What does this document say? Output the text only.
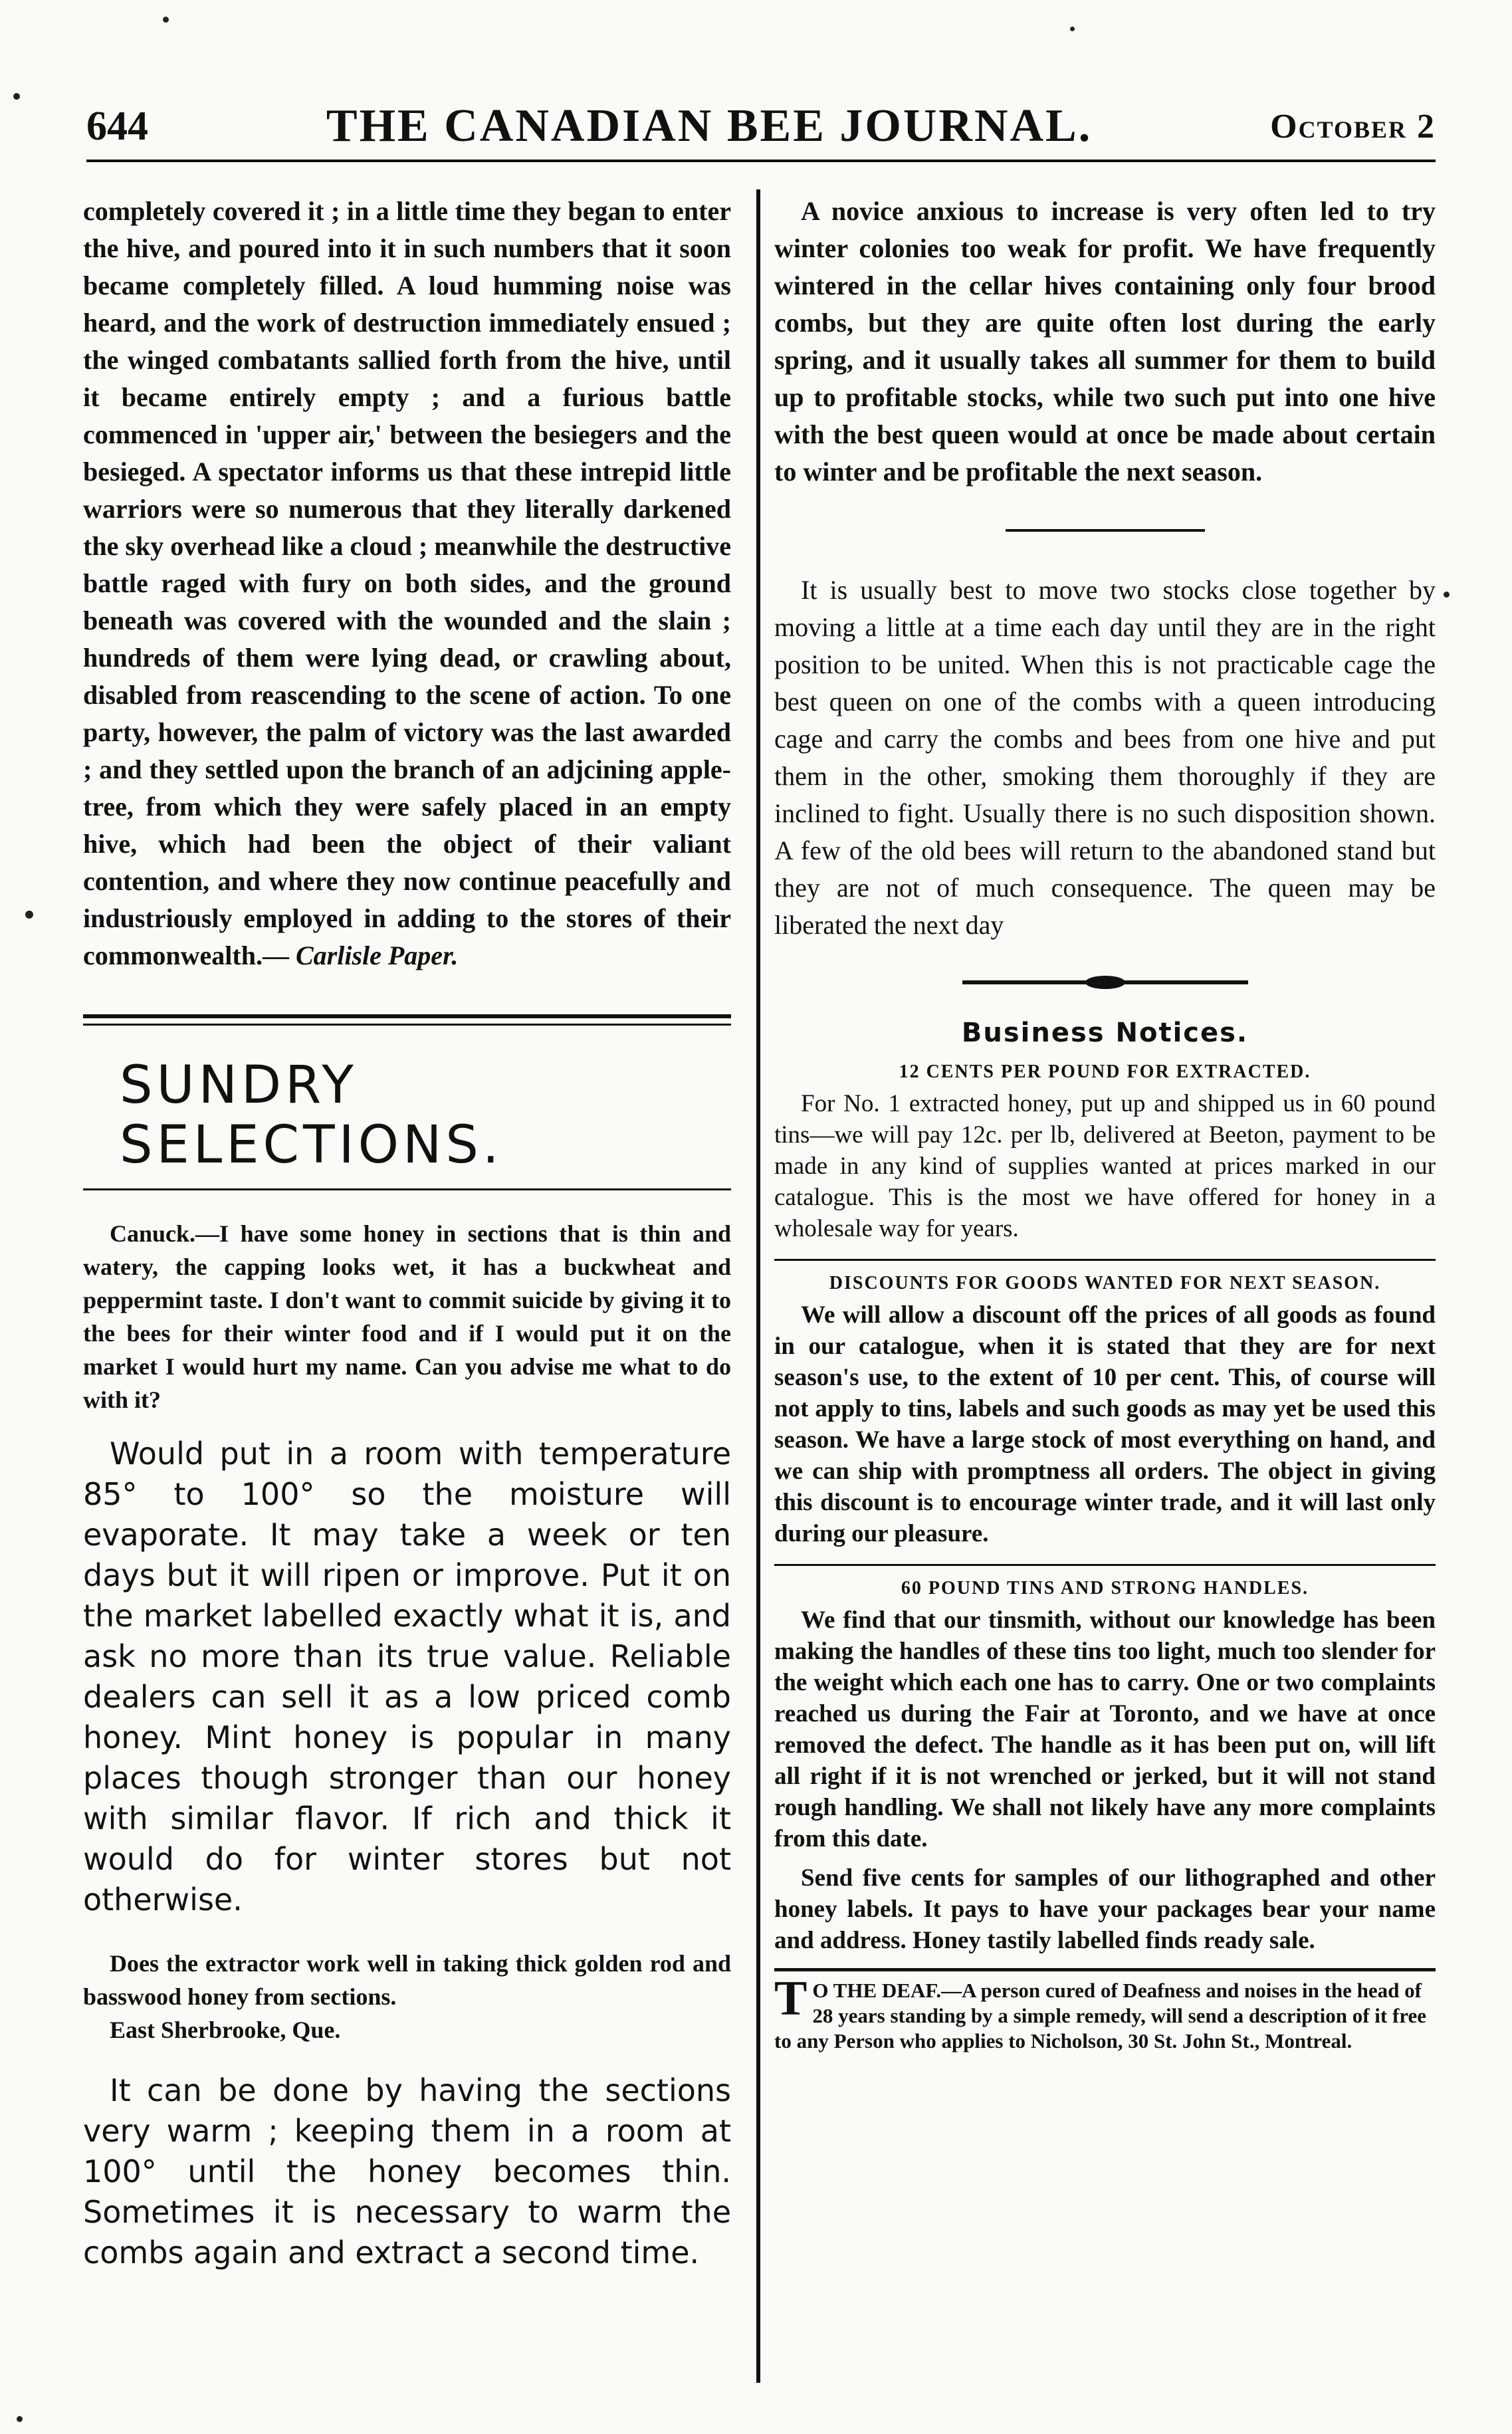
644	THE CANADIAN BEE JOURNAL.	October 2

completely covered it ; in a little time they began to enter the hive, and poured into it in such numbers that it soon became completely filled. A loud humming noise was heard, and the work of destruction immediately ensued ; the winged combatants sallied forth from the hive, until it became entirely empty ; and a furious battle commenced in 'upper air,' between the besiegers and the besieged. A spectator informs us that these intrepid little warriors were so numerous that they literally darkened the sky overhead like a cloud ; meanwhile the destructive battle raged with fury on both sides, and the ground beneath was covered with the wounded and the slain ; hundreds of them were lying dead, or crawling about, disabled from reascending to the scene of action. To one party, however, the palm of victory was the last awarded ; and they settled upon the branch of an adjcining apple-tree, from which they were safely placed in an empty hive, which had been the object of their valiant contention, and where they now continue peacefully and industriously employed in adding to the stores of their commonwealth.— Carlisle Paper.

SUNDRY SELECTIONS.

Canuck.—I have some honey in sections that is thin and watery, the capping looks wet, it has a buckwheat and peppermint taste. I don't want to commit suicide by giving it to the bees for their winter food and if I would put it on the market I would hurt my name. Can you advise me what to do with it?

Would put in a room with temperature 85° to 100° so the moisture will evaporate. It may take a week or ten days but it will ripen or improve. Put it on the market labelled exactly what it is, and ask no more than its true value. Reliable dealers can sell it as a low priced comb honey. Mint honey is popular in many places though stronger than our honey with similar flavor. If rich and thick it would do for winter stores but not otherwise.

Does the extractor work well in taking thick golden rod and basswood honey from sections.

East Sherbrooke, Que.

It can be done by having the sections very warm ; keeping them in a room at 100° until the honey becomes thin. Sometimes it is necessary to warm the combs again and extract a second time.

A novice anxious to increase is very often led to try winter colonies too weak for profit. We have frequently wintered in the cellar hives containing only four brood combs, but they are quite often lost during the early spring, and it usually takes all summer for them to build up to profitable stocks, while two such put into one hive with the best queen would at once be made about certain to winter and be profitable the next season.

It is usually best to move two stocks close together by moving a little at a time each day until they are in the right position to be united. When this is not practicable cage the best queen on one of the combs with a queen introducing cage and carry the combs and bees from one hive and put them in the other, smoking them thoroughly if they are inclined to fight. Usually there is no such disposition shown. A few of the old bees will return to the abandoned stand but they are not of much consequence. The queen may be liberated the next day

Business Notices.
12 CENTS PER POUND FOR EXTRACTED.

For No. 1 extracted honey, put up and shipped us in 60 pound tins—we will pay 12c. per lb, delivered at Beeton, payment to be made in any kind of supplies wanted at prices marked in our catalogue. This is the most we have offered for honey in a wholesale way for years.

DISCOUNTS FOR GOODS WANTED FOR NEXT SEASON.

We will allow a discount off the prices of all goods as found in our catalogue, when it is stated that they are for next season's use, to the extent of 10 per cent. This, of course will not apply to tins, labels and such goods as may yet be used this season. We have a large stock of most everything on hand, and we can ship with promptness all orders. The object in giving this discount is to encourage winter trade, and it will last only during our pleasure.

60 POUND TINS AND STRONG HANDLES.

We find that our tinsmith, without our knowledge has been making the handles of these tins too light, much too slender for the weight which each one has to carry. One or two complaints reached us during the Fair at Toronto, and we have at once removed the defect. The handle as it has been put on, will lift all right if it is not wrenched or jerked, but it will not stand rough handling. We shall not likely have any more complaints from this date.

Send five cents for samples of our lithographed and other honey labels. It pays to have your packages bear your name and address. Honey tastily labelled finds ready sale.

T O THE DEAF.—A person cured of Deafness and noises in the head of 28 years standing by a simple remedy, will send a description of it free to any Person who applies to Nicholson, 30 St. John St., Montreal.
